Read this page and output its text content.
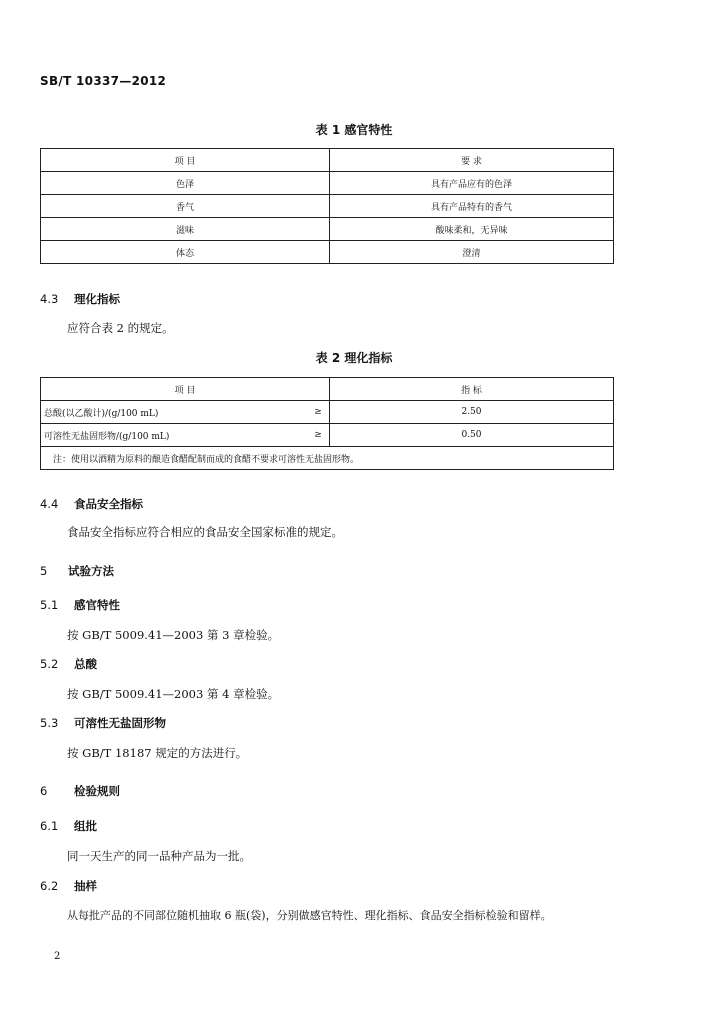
SB/T 10337—2012
表 1 感官特性
项 目	要 求
色泽	具有产品应有的色泽
香气	具有产品特有的香气
滋味	酸味柔和，无异味
体态	澄清
4.3 理化指标
应符合表 2 的规定。
表 2 理化指标
项 目		指 标
总酸(以乙酸计)/(g/100 mL)	≥	2.50
可溶性无盐固形物/(g/100 mL)	≥	0.50
注：使用以酒精为原料的酿造食醋配制而成的食醋不要求可溶性无盐固形物。		
4.4 食品安全指标
食品安全指标应符合相应的食品安全国家标准的规定。
5 试验方法
5.1 感官特性
按 GB/T 5009.41—2003 第 3 章检验。
5.2 总酸
按 GB/T 5009.41—2003 第 4 章检验。
5.3 可溶性无盐固形物
按 GB/T 18187 规定的方法进行。
6 检验规则
6.1 组批
同一天生产的同一品种产品为一批。
6.2 抽样
从每批产品的不同部位随机抽取 6 瓶(袋)，分别做感官特性、理化指标、食品安全指标检验和留样。
2
